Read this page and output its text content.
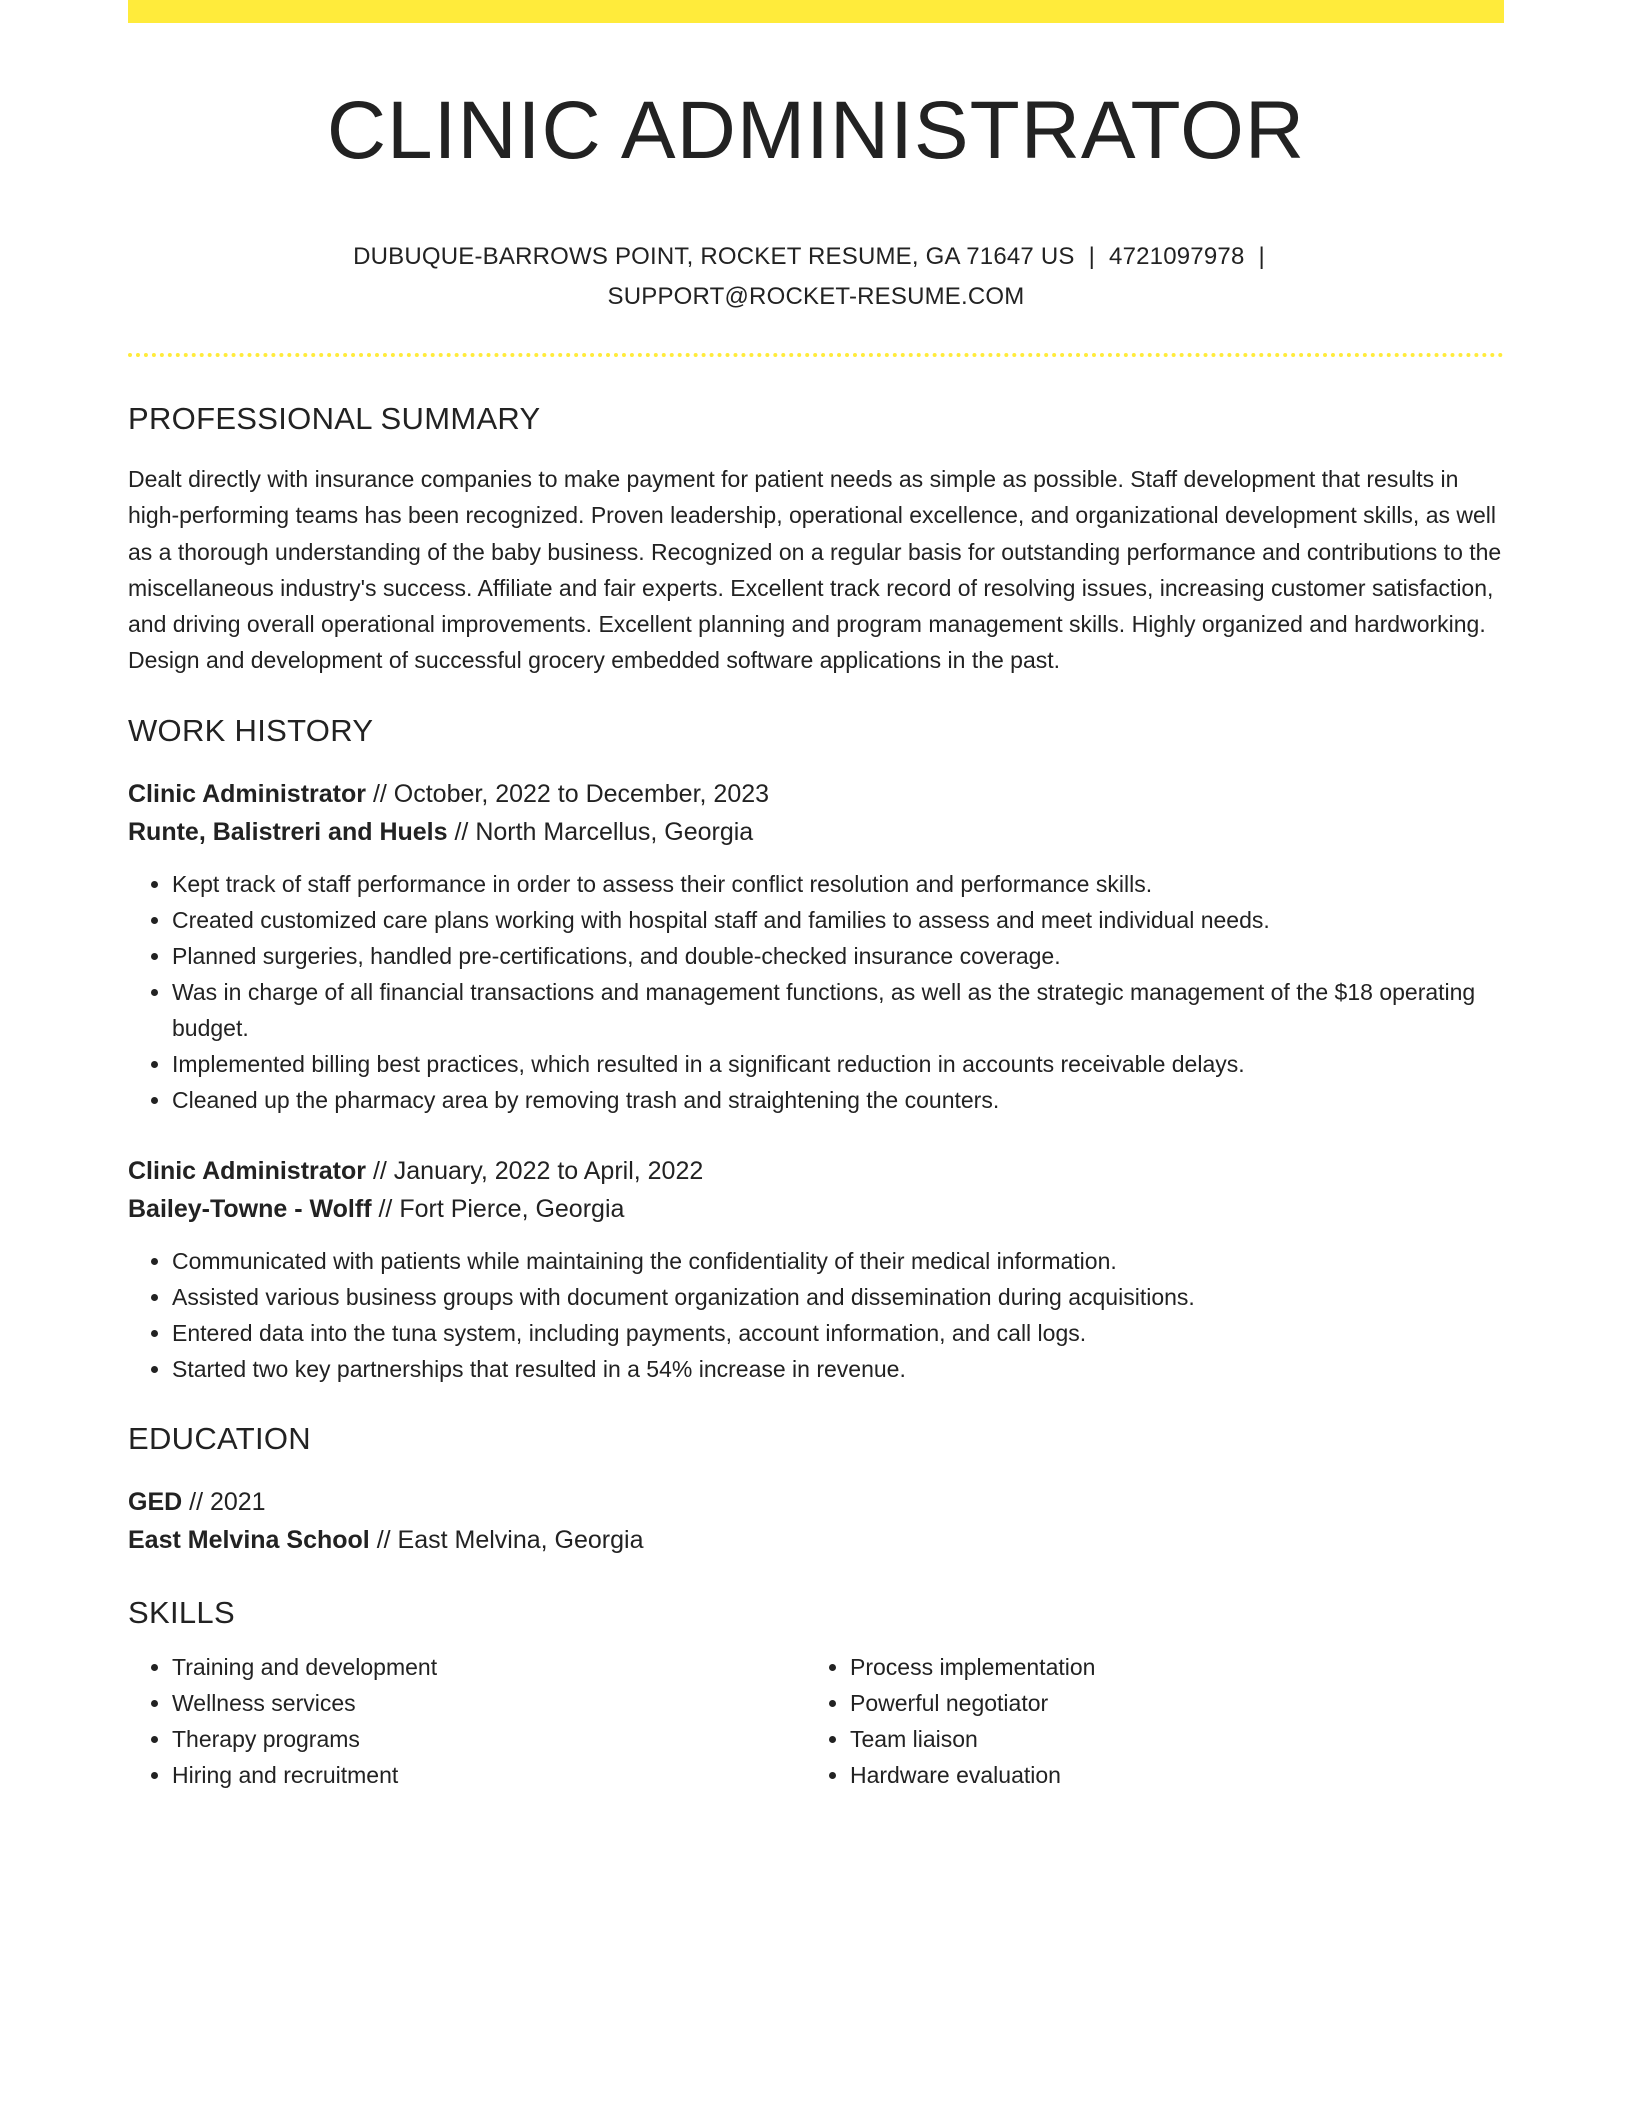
CLINIC ADMINISTRATOR
DUBUQUE-BARROWS POINT, ROCKET RESUME, GA 71647 US | 4721097978 |
SUPPORT@ROCKET-RESUME.COM
PROFESSIONAL SUMMARY
Dealt directly with insurance companies to make payment for patient needs as simple as possible. Staff development that results in high-performing teams has been recognized. Proven leadership, operational excellence, and organizational development skills, as well as a thorough understanding of the baby business. Recognized on a regular basis for outstanding performance and contributions to the miscellaneous industry's success. Affiliate and fair experts. Excellent track record of resolving issues, increasing customer satisfaction, and driving overall operational improvements. Excellent planning and program management skills. Highly organized and hardworking. Design and development of successful grocery embedded software applications in the past.
WORK HISTORY
Clinic Administrator // October, 2022 to December, 2023
Runte, Balistreri and Huels // North Marcellus, Georgia
• Kept track of staff performance in order to assess their conflict resolution and performance skills.
• Created customized care plans working with hospital staff and families to assess and meet individual needs.
• Planned surgeries, handled pre-certifications, and double-checked insurance coverage.
• Was in charge of all financial transactions and management functions, as well as the strategic management of the $18 operating budget.
• Implemented billing best practices, which resulted in a significant reduction in accounts receivable delays.
• Cleaned up the pharmacy area by removing trash and straightening the counters.
Clinic Administrator // January, 2022 to April, 2022
Bailey-Towne - Wolff // Fort Pierce, Georgia
• Communicated with patients while maintaining the confidentiality of their medical information.
• Assisted various business groups with document organization and dissemination during acquisitions.
• Entered data into the tuna system, including payments, account information, and call logs.
• Started two key partnerships that resulted in a 54% increase in revenue.
EDUCATION
GED // 2021
East Melvina School // East Melvina, Georgia
SKILLS
• Training and development
• Wellness services
• Therapy programs
• Hiring and recruitment
• Process implementation
• Powerful negotiator
• Team liaison
• Hardware evaluation
